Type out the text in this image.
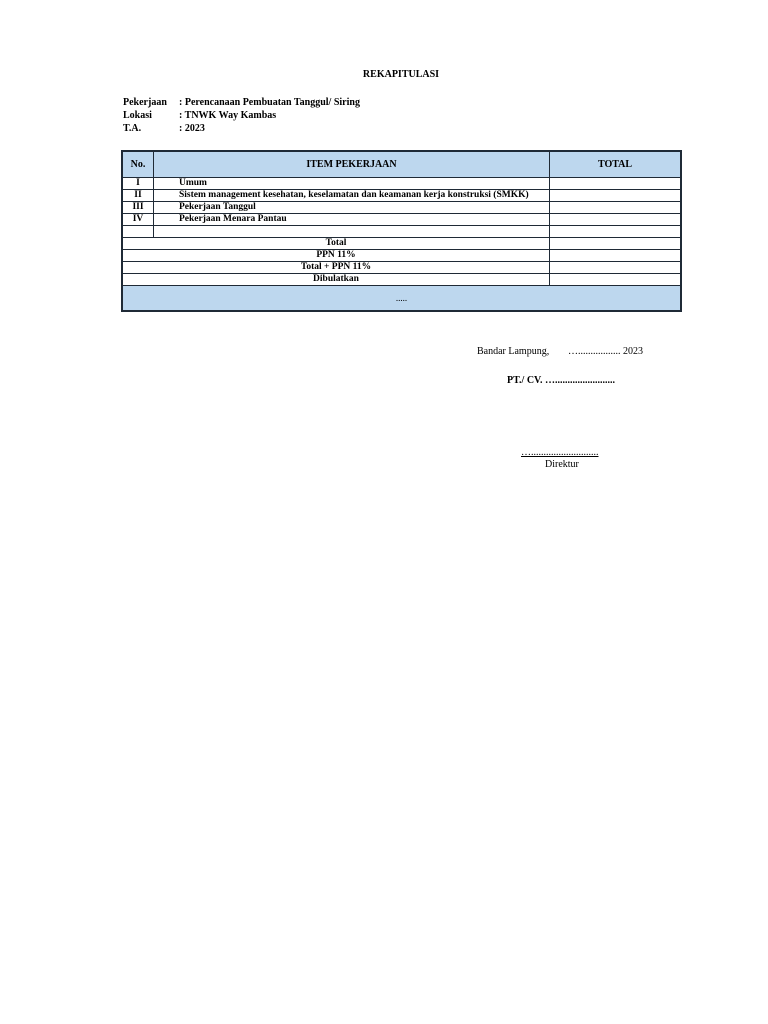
REKAPITULASI
Pekerjaan	: Perencanaan Pembuatan Tanggul/ Siring
Lokasi	: TNWK Way Kambas
T.A.	: 2023
No.	ITEM PEKERJAAN	TOTAL
I	Umum	
II	Sistem management kesehatan, keselamatan dan keamanan kerja konstruksi (SMKK)	
III	Pekerjaan Tanggul	
IV	Pekerjaan Menara Pantau	

Total		
PPN 11%		
Total + PPN 11%		
Dibulatkan		
.....		
Bandar Lampung, …................. 2023
PT./ CV. …........................
…...........................
Direktur
